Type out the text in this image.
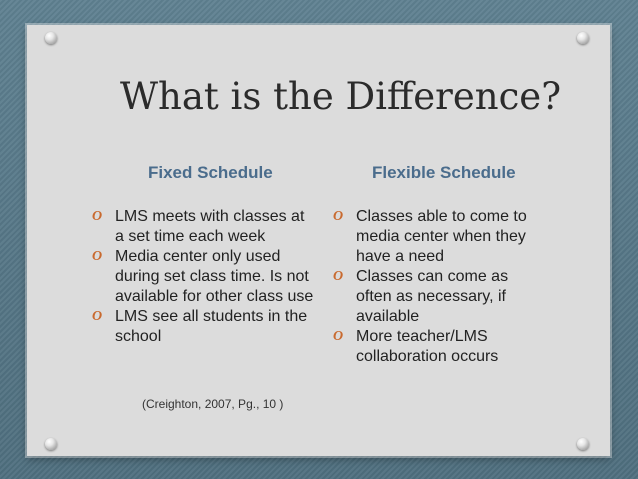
What is the Difference?
Fixed Schedule	Flexible Schedule
O LMS meets with classes at a set time each week
O Media center only used during set class time. Is not available for other class use
O LMS see all students in the school
O Classes able to come to media center when they have a need
O Classes can come as often as necessary, if available
O More teacher/LMS collaboration occurs
(Creighton, 2007, Pg., 10 )
